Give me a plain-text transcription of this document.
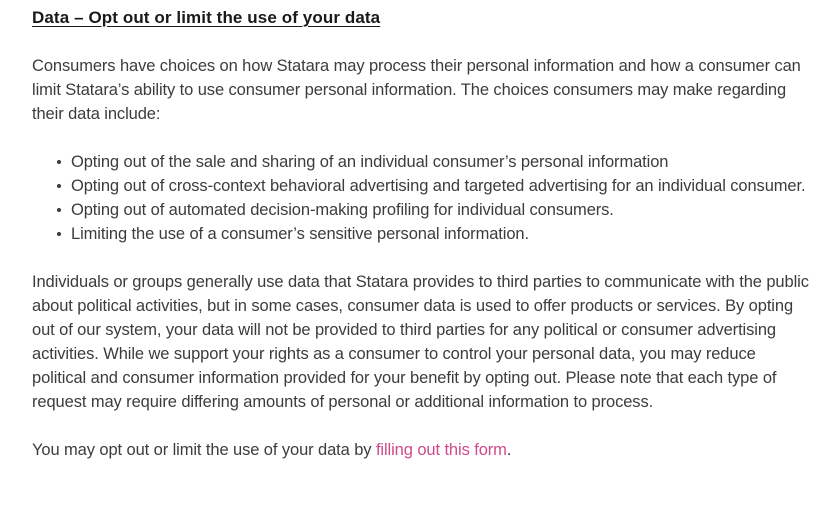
Data – Opt out or limit the use of your data

Consumers have choices on how Statara may process their personal information and how a consumer can limit Statara’s ability to use consumer personal information. The choices consumers may make regarding their data include:

Opting out of the sale and sharing of an individual consumer’s personal information
Opting out of cross-context behavioral advertising and targeted advertising for an individual consumer.
Opting out of automated decision-making profiling for individual consumers.
Limiting the use of a consumer’s sensitive personal information.

Individuals or groups generally use data that Statara provides to third parties to communicate with the public about political activities, but in some cases, consumer data is used to offer products or services. By opting out of our system, your data will not be provided to third parties for any political or consumer advertising activities. While we support your rights as a consumer to control your personal data, you may reduce political and consumer information provided for your benefit by opting out. Please note that each type of request may require differing amounts of personal or additional information to process.

You may opt out or limit the use of your data by filling out this form.
